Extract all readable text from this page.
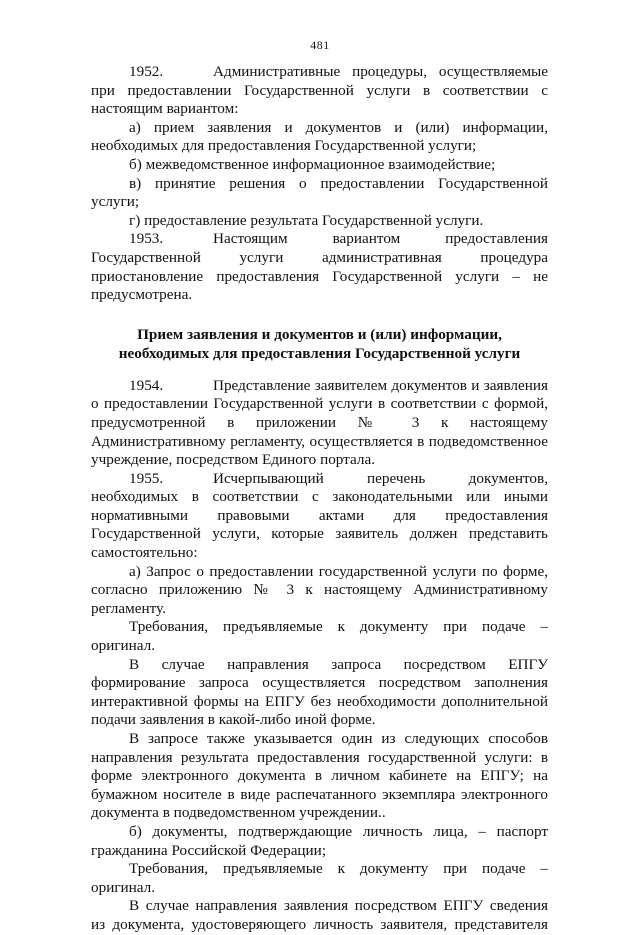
481

1952.	Административные процедуры, осуществляемые при предоставлении Государственной услуги в соответствии с настоящим вариантом:

а) прием заявления и документов и (или) информации, необходимых для предоставления Государственной услуги;

б) межведомственное информационное взаимодействие;

в) принятие решения о предоставлении Государственной услуги;

г) предоставление результата Государственной услуги.

1953.	Настоящим вариантом предоставления Государственной услуги административная процедура приостановление предоставления Государственной услуги – не предусмотрена.

Прием заявления и документов и (или) информации,
необходимых для предоставления Государственной услуги

1954.	Представление заявителем документов и заявления о предоставлении Государственной услуги в соответствии с формой, предусмотренной в приложении № 3 к настоящему Административному регламенту, осуществляется в подведомственное учреждение, посредством Единого портала.

1955.	Исчерпывающий перечень документов, необходимых в соответствии с законодательными или иными нормативными правовыми актами для предоставления Государственной услуги, которые заявитель должен представить самостоятельно:

а) Запрос о предоставлении государственной услуги по форме, согласно приложению № 3 к настоящему Административному регламенту.

Требования, предъявляемые к документу при подаче – оригинал.

В случае направления запроса посредством ЕПГУ формирование запроса осуществляется посредством заполнения интерактивной формы на ЕПГУ без необходимости дополнительной подачи заявления в какой-либо иной форме.

В запросе также указывается один из следующих способов направления результата предоставления государственной услуги: в форме электронного документа в личном кабинете на ЕПГУ; на бумажном носителе в виде распечатанного экземпляра электронного документа в подведомственном учреждении..

б) документы, подтверждающие личность лица, – паспорт гражданина Российской Федерации;

Требования, предъявляемые к документу при подаче – оригинал.

В случае направления заявления посредством ЕПГУ сведения из документа, удостоверяющего личность заявителя, представителя
